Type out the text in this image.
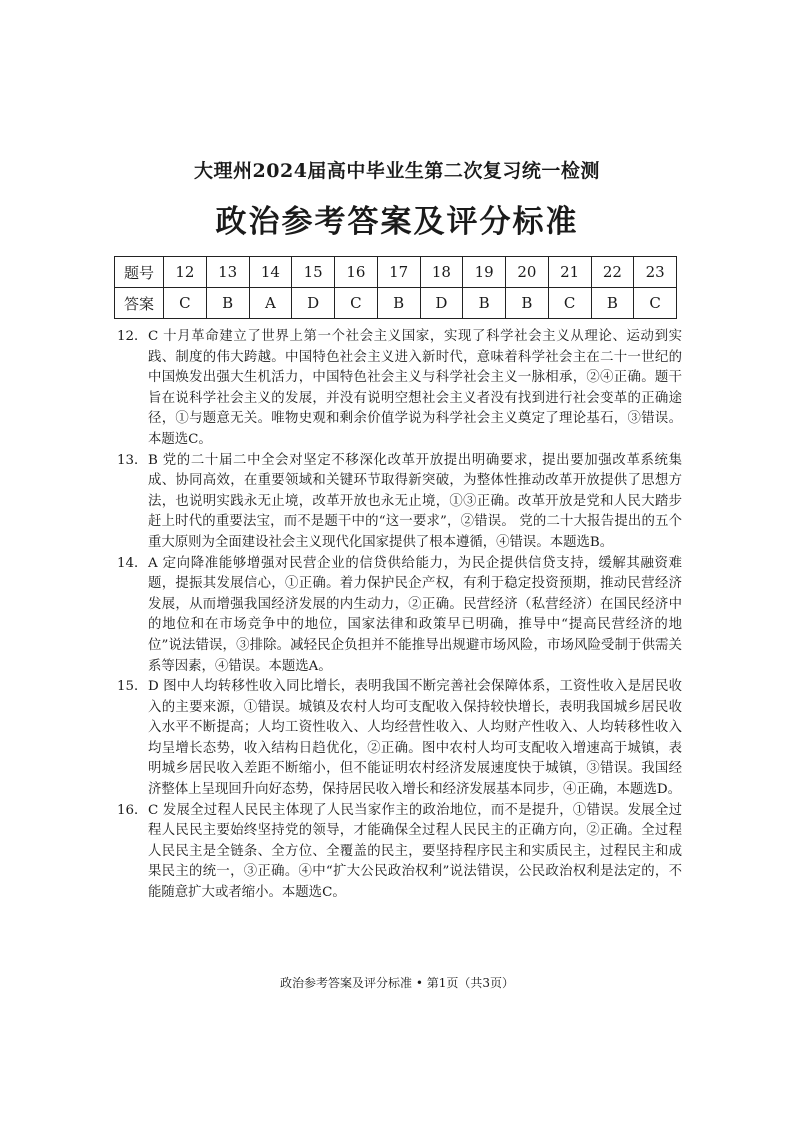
大理州2024届高中毕业生第二次复习统一检测
政治参考答案及评分标准
题号	12	13	14	15	16	17	18	19	20	21	22	23
答案	C	B	A	D	C	B	D	B	B	C	B	C
12． C 十月革命建立了世界上第一个社会主义国家，实现了科学社会主义从理论、运动到实践、制度的伟大跨越。中国特色社会主义进入新时代，意味着科学社会主在二十一世纪的中国焕发出强大生机活力，中国特色社会主义与科学社会主义一脉相承，②④正确。题干旨在说科学社会主义的发展，并没有说明空想社会主义者没有找到进行社会变革的正确途径，①与题意无关。唯物史观和剩余价值学说为科学社会主义奠定了理论基石，③错误。本题选C。
13． B 党的二十届二中全会对坚定不移深化改革开放提出明确要求，提出要加强改革系统集成、协同高效，在重要领域和关键环节取得新突破，为整体性推动改革开放提供了思想方法，也说明实践永无止境，改革开放也永无止境，①③正确。改革开放是党和人民大踏步赶上时代的重要法宝，而不是题干中的“这一要求”，②错误。 党的二十大报告提出的五个重大原则为全面建设社会主义现代化国家提供了根本遵循，④错误。本题选B。
14． A 定向降准能够增强对民营企业的信贷供给能力，为民企提供信贷支持，缓解其融资难题，提振其发展信心，①正确。着力保护民企产权，有利于稳定投资预期，推动民营经济发展，从而增强我国经济发展的内生动力，②正确。民营经济（私营经济）在国民经济中的地位和在市场竞争中的地位，国家法律和政策早已明确，推导中“提高民营经济的地位”说法错误，③排除。减轻民企负担并不能推导出规避市场风险，市场风险受制于供需关系等因素，④错误。本题选A。
15． D 图中人均转移性收入同比增长，表明我国不断完善社会保障体系，工资性收入是居民收入的主要来源，①错误。城镇及农村人均可支配收入保持较快增长，表明我国城乡居民收入水平不断提高；人均工资性收入、人均经营性收入、人均财产性收入、人均转移性收入均呈增长态势，收入结构日趋优化，②正确。图中农村人均可支配收入增速高于城镇，表明城乡居民收入差距不断缩小，但不能证明农村经济发展速度快于城镇，③错误。我国经济整体上呈现回升向好态势，保持居民收入增长和经济发展基本同步，④正确，本题选D。
16． C 发展全过程人民民主体现了人民当家作主的政治地位，而不是提升，①错误。发展全过程人民民主要始终坚持党的领导，才能确保全过程人民民主的正确方向，②正确。全过程人民民主是全链条、全方位、全覆盖的民主，要坚持程序民主和实质民主，过程民主和成果民主的统一，③正确。④中“扩大公民政治权利”说法错误，公民政治权利是法定的，不能随意扩大或者缩小。本题选C。
政治参考答案及评分标准 • 第1页（共3页）
